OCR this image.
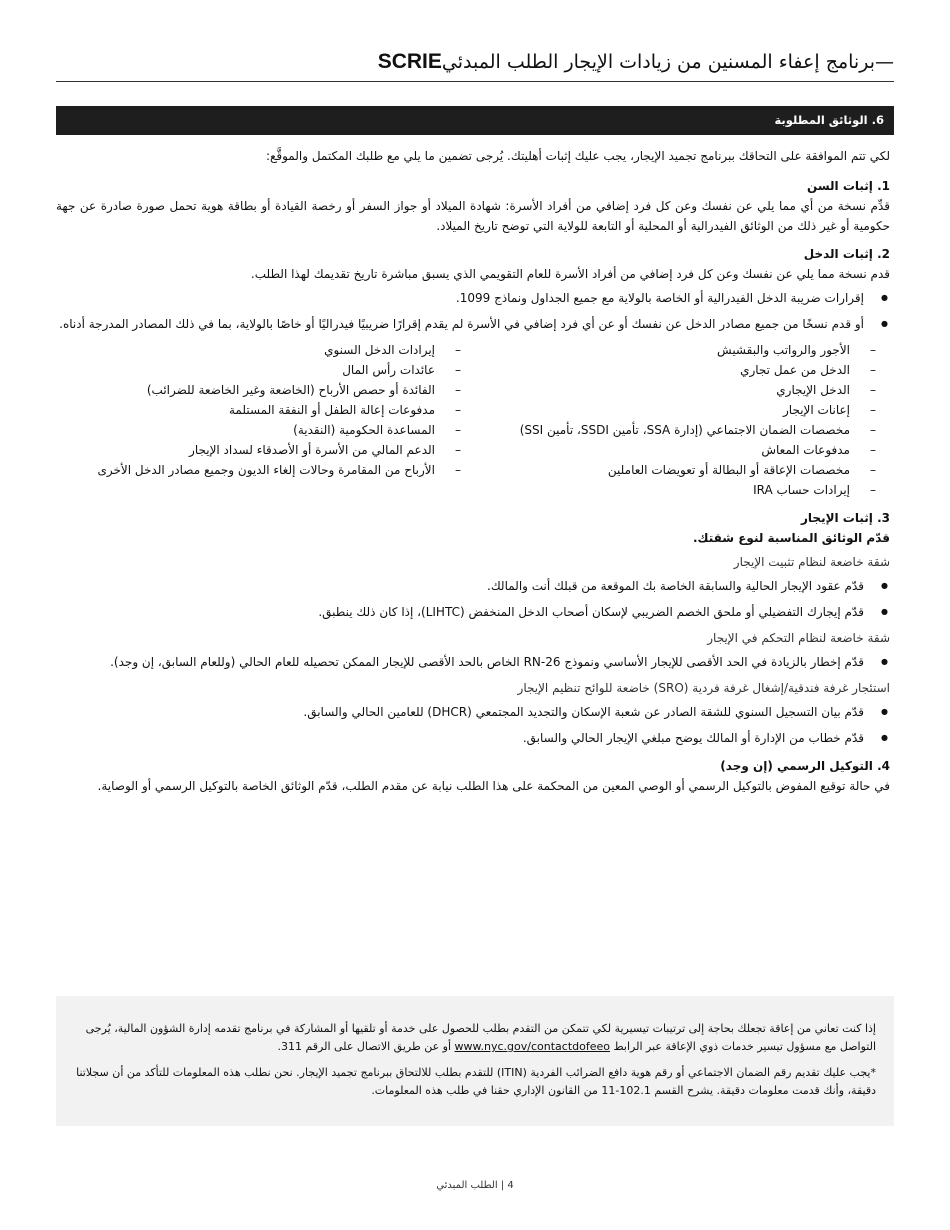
SCRIE—برنامج إعفاء المسنين من زيادات الإيجار الطلب المبدئي
6. الوثائق المطلوبة

لكي تتم الموافقة على التحاقك ببرنامج تجميد الإيجار، يجب عليك إثبات أهليتك. يُرجى تضمين ما يلي مع طلبك المكتمل والموقَّع:

1. إثبات السن

قدِّم نسخة من أي مما يلي عن نفسك وعن كل فرد إضافي من أفراد الأسرة: شهادة الميلاد أو جواز السفر أو رخصة القيادة أو بطاقة هوية تحمل صورة صادرة عن جهة حكومية أو غير ذلك من الوثائق الفيدرالية أو المحلية أو التابعة للولاية التي توضح تاريخ الميلاد.

2. إثبات الدخل

قدم نسخة مما يلي عن نفسك وعن كل فرد إضافي من أفراد الأسرة للعام التقويمي الذي يسبق مباشرة تاريخ تقديمك لهذا الطلب.

● إقرارات ضريبة الدخل الفيدرالية أو الخاصة بالولاية مع جميع الجداول ونماذج 1099.
● أو قدم نسخًا من جميع مصادر الدخل عن نفسك أو عن أي فرد إضافي في الأسرة لم يقدم إقرارًا ضريبيًا فيدراليًا أو خاصًا بالولاية، بما في ذلك المصادر المدرجة أدناه.
– الأجور والرواتب والبقشيش
– الدخل من عمل تجاري
– الدخل الإيجاري
– إعانات الإيجار
– مخصصات الضمان الاجتماعي (إدارة SSA، تأمين SSDI، تأمين SSI)
– مدفوعات المعاش
– مخصصات الإعاقة أو البطالة أو تعويضات العاملين
– إيرادات حساب IRA
– إيرادات الدخل السنوي
– عائدات رأس المال
– الفائدة أو حصص الأرباح (الخاضعة وغير الخاضعة للضرائب)
– مدفوعات إعالة الطفل أو النفقة المستلمة
– المساعدة الحكومية (النقدية)
– الدعم المالي من الأسرة أو الأصدقاء لسداد الإيجار
– الأرباح من المقامرة وحالات إلغاء الديون وجميع مصادر الدخل الأخرى
3. إثبات الإيجار
قدّم الوثائق المناسبة لنوع شقتك.
شقة خاضعة لنظام تثبيت الإيجار
● قدّم عقود الإيجار الحالية والسابقة الخاصة بك الموقعة من قبلك أنت والمالك.
● قدّم إيجارك التفضيلي أو ملحق الخصم الضريبي لإسكان أصحاب الدخل المنخفض (LIHTC)، إذا كان ذلك ينطبق.
شقة خاضعة لنظام التحكم في الإيجار
● قدّم إخطار بالزيادة في الحد الأقصى للإيجار الأساسي ونموذج RN-26 الخاص بالحد الأقصى للإيجار الممكن تحصيله للعام الحالي (وللعام السابق، إن وجد).
استئجار غرفة فندقية/إشغال غرفة فردية (SRO) خاضعة للوائح تنظيم الإيجار
● قدّم بيان التسجيل السنوي للشقة الصادر عن شعبة الإسكان والتجديد المجتمعي (DHCR) للعامين الحالي والسابق.
● قدّم خطاب من الإدارة أو المالك يوضح مبلغي الإيجار الحالي والسابق.
4. التوكيل الرسمي (إن وجد)

في حالة توقيع المفوض بالتوكيل الرسمي أو الوصي المعين من المحكمة على هذا الطلب نيابة عن مقدم الطلب، قدّم الوثائق الخاصة بالتوكيل الرسمي أو الوصاية.

إذا كنت تعاني من إعاقة تجعلك بحاجة إلى ترتيبات تيسيرية لكي تتمكن من التقدم بطلب للحصول على خدمة أو تلقيها أو المشاركة في برنامج تقدمه إدارة الشؤون المالية، يُرجى التواصل مع مسؤول تيسير خدمات ذوي الإعاقة عبر الرابط www.nyc.gov/contactdofeeo أو عن طريق الاتصال على الرقم 311.

*يجب عليك تقديم رقم الضمان الاجتماعي أو رقم هوية دافع الضرائب الفردية (ITIN) للتقدم بطلب للالتحاق ببرنامج تجميد الإيجار. نحن نطلب هذه المعلومات للتأكد من أن سجلاتنا دقيقة، وأنك قدمت معلومات دقيقة. يشرح القسم 102.1-11 من القانون الإداري حقنا في طلب هذه المعلومات.

4 | الطلب المبدئي
